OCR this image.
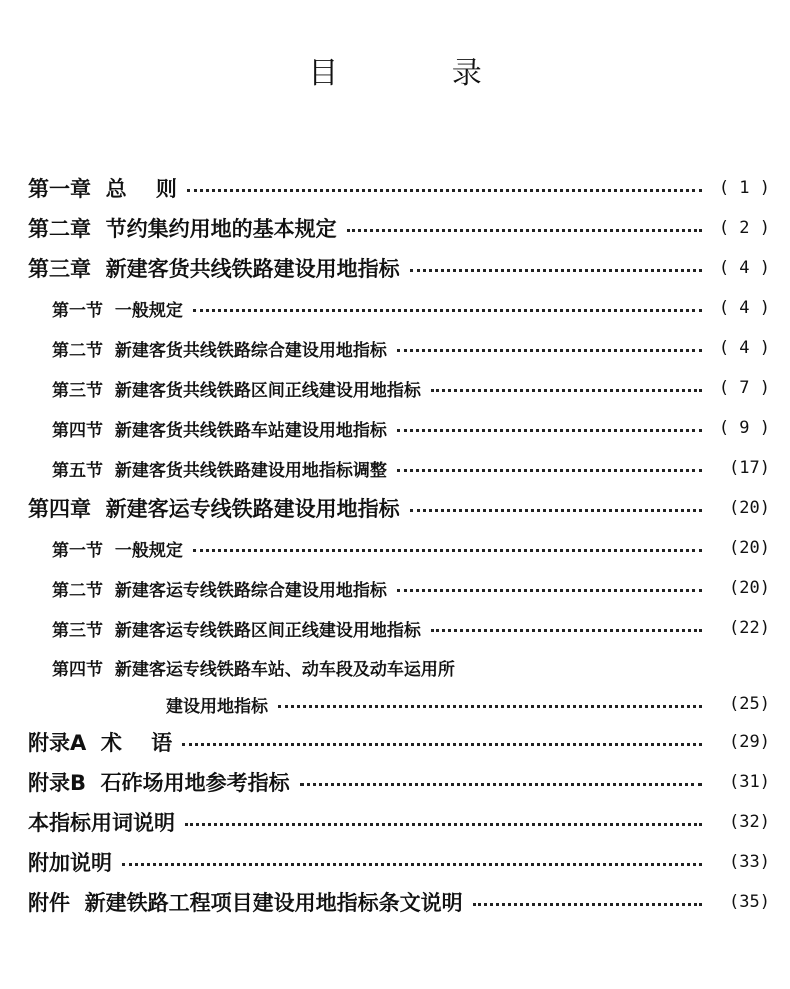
目 录
第一章  总    则	( 1 )
第二章  节约集约用地的基本规定	( 2 )
第三章  新建客货共线铁路建设用地指标	( 4 )
第一节  一般规定	( 4 )
第二节  新建客货共线铁路综合建设用地指标	( 4 )
第三节  新建客货共线铁路区间正线建设用地指标	( 7 )
第四节  新建客货共线铁路车站建设用地指标	( 9 )
第五节  新建客货共线铁路建设用地指标调整	(17)
第四章  新建客运专线铁路建设用地指标	(20)
第一节  一般规定	(20)
第二节  新建客运专线铁路综合建设用地指标	(20)
第三节  新建客运专线铁路区间正线建设用地指标	(22)
第四节  新建客运专线铁路车站、动车段及动车运用所
建设用地指标	(25)
附录A  术    语	(29)
附录B  石砟场用地参考指标	(31)
本指标用词说明	(32)
附加说明	(33)
附件  新建铁路工程项目建设用地指标条文说明	(35)
